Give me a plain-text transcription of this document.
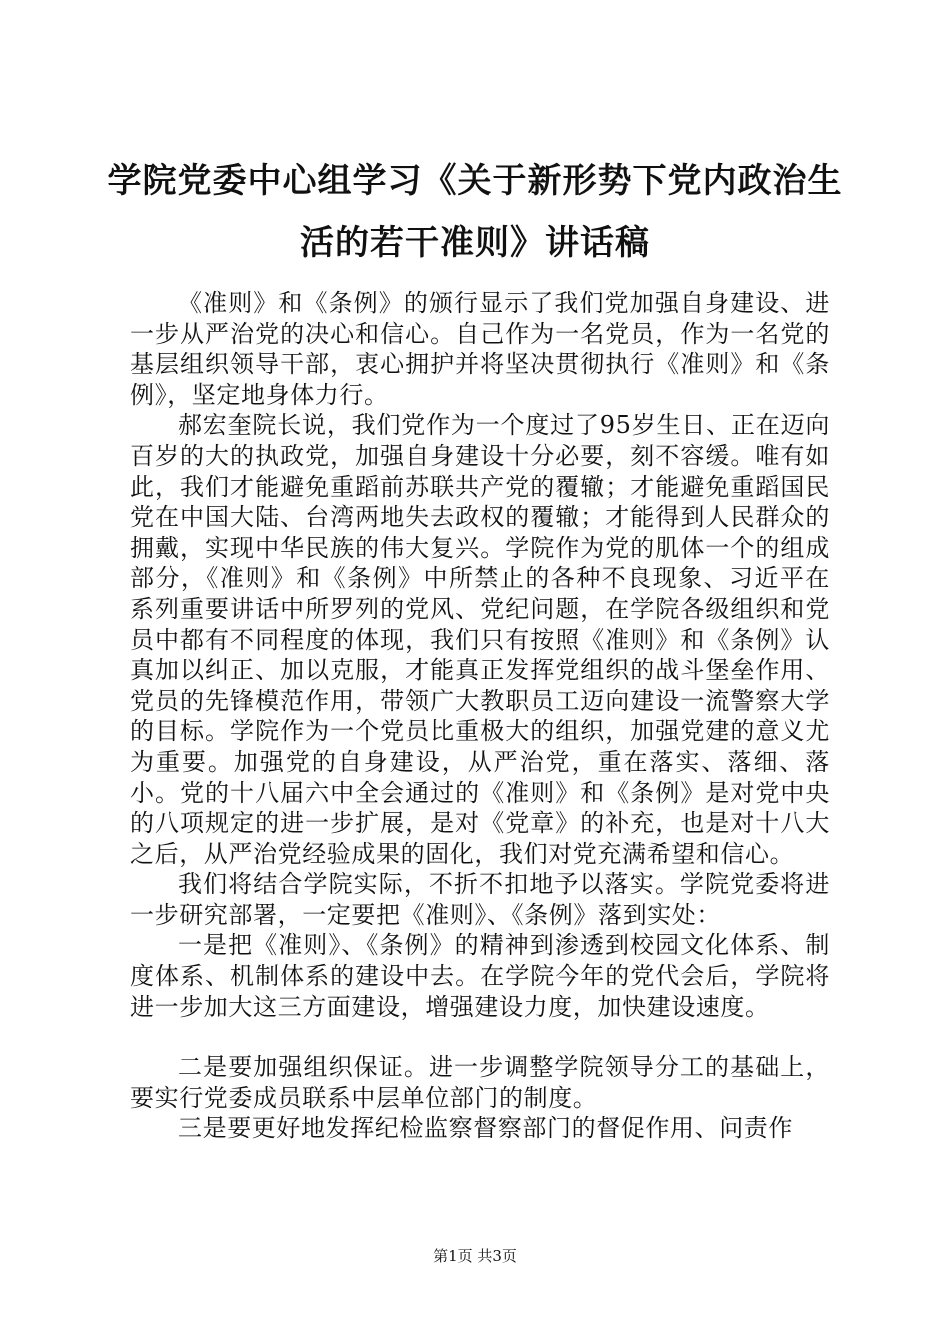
学院党委中心组学习《关于新形势下党内政治生活的若干准则》讲话稿

《准则》和《条例》的颁行显示了我们党加强自身建设、进一步从严治党的决心和信心。自己作为一名党员，作为一名党的基层组织领导干部，衷心拥护并将坚决贯彻执行《准则》和《条例》，坚定地身体力行。

郝宏奎院长说，我们党作为一个度过了95岁生日、正在迈向百岁的大的执政党，加强自身建设十分必要，刻不容缓。唯有如此，我们才能避免重蹈前苏联共产党的覆辙；才能避免重蹈国民党在中国大陆、台湾两地失去政权的覆辙；才能得到人民群众的拥戴，实现中华民族的伟大复兴。学院作为党的肌体一个的组成部分，《准则》和《条例》中所禁止的各种不良现象、习近平在系列重要讲话中所罗列的党风、党纪问题，在学院各级组织和党员中都有不同程度的体现，我们只有按照《准则》和《条例》认真加以纠正、加以克服，才能真正发挥党组织的战斗堡垒作用、党员的先锋模范作用，带领广大教职员工迈向建设一流警察大学的目标。学院作为一个党员比重极大的组织，加强党建的意义尤为重要。加强党的自身建设，从严治党，重在落实、落细、落小。党的十八届六中全会通过的《准则》和《条例》是对党中央的八项规定的进一步扩展，是对《党章》的补充，也是对十八大之后，从严治党经验成果的固化，我们对党充满希望和信心。

我们将结合学院实际，不折不扣地予以落实。学院党委将进一步研究部署，一定要把《准则》、《条例》落到实处：

一是把《准则》、《条例》的精神到渗透到校园文化体系、制度体系、机制体系的建设中去。在学院今年的党代会后，学院将进一步加大这三方面建设，增强建设力度，加快建设速度。

二是要加强组织保证。进一步调整学院领导分工的基础上，要实行党委成员联系中层单位部门的制度。

三是要更好地发挥纪检监察督察部门的督促作用、问责作

第1页 共3页
